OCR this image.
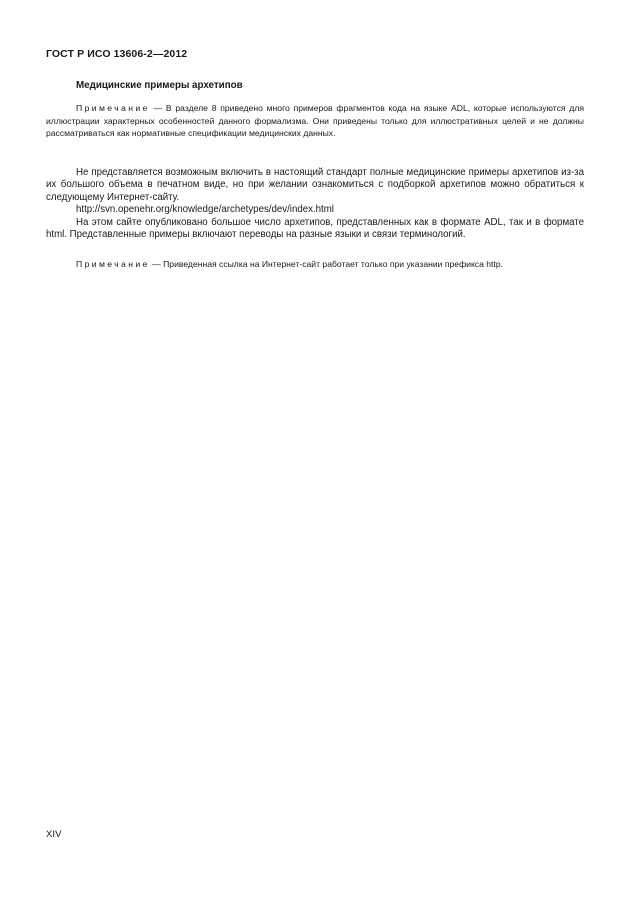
ГОСТ Р ИСО 13606-2—2012
Медицинские примеры архетипов

Примечание — В разделе 8 приведено много примеров фрагментов кода на языке ADL, которые используются для иллюстрации характерных особенностей данного формализма. Они приведены только для иллюстративных целей и не должны рассматриваться как нормативные спецификации медицинских данных.

Не представляется возможным включить в настоящий стандарт полные медицинские примеры архетипов из-за их большого объема в печатном виде, но при желании ознакомиться с подборкой архетипов можно обратиться к следующему Интернет-сайту.

http://svn.openehr.org/knowledge/archetypes/dev/index.html

На этом сайте опубликовано большое число архетипов, представленных как в формате ADL, так и в формате html. Представленные примеры включают переводы на разные языки и связи терминологий.

Примечание — Приведенная ссылка на Интернет-сайт работает только при указании префикса http.

XIV
